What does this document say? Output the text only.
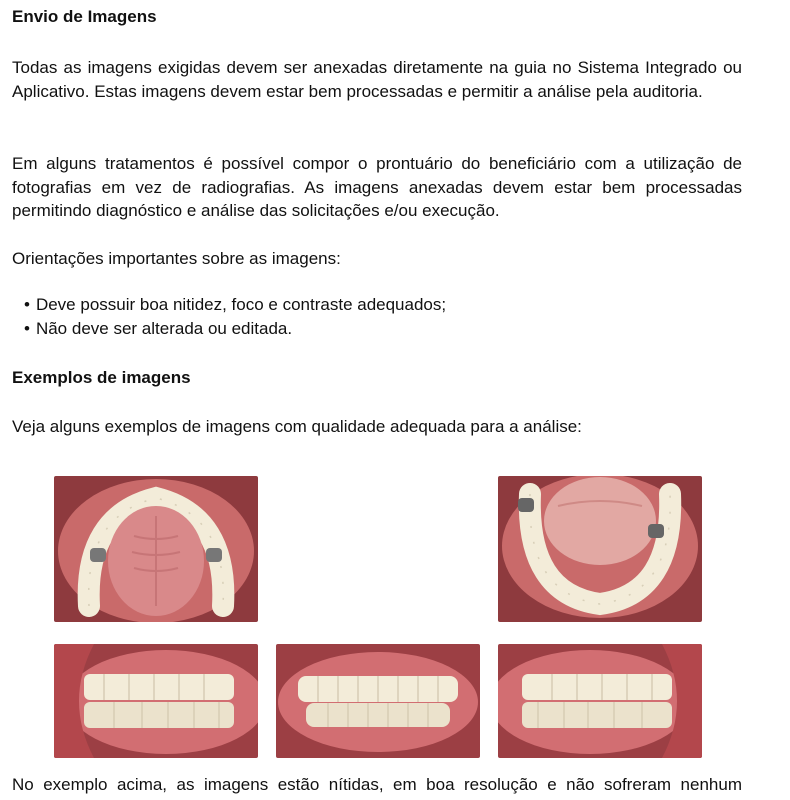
Envio de Imagens

Todas as imagens exigidas devem ser anexadas diretamente na guia no Sistema Integrado ou Aplicativo. Estas imagens devem estar bem processadas e permitir a análise pela auditoria.

Em alguns tratamentos é possível compor o prontuário do beneficiário com a utilização de fotografias em vez de radiografias. As imagens anexadas devem estar bem processadas permitindo diagnóstico e análise das solicitações e/ou execução.

Orientações importantes sobre as imagens:

• Deve possuir boa nitidez, foco e contraste adequados;
• Não deve ser alterada ou editada.
Exemplos de imagens

Veja alguns exemplos de imagens com qualidade adequada para a análise:

No exemplo acima, as imagens estão nítidas, em boa resolução e não sofreram nenhum
